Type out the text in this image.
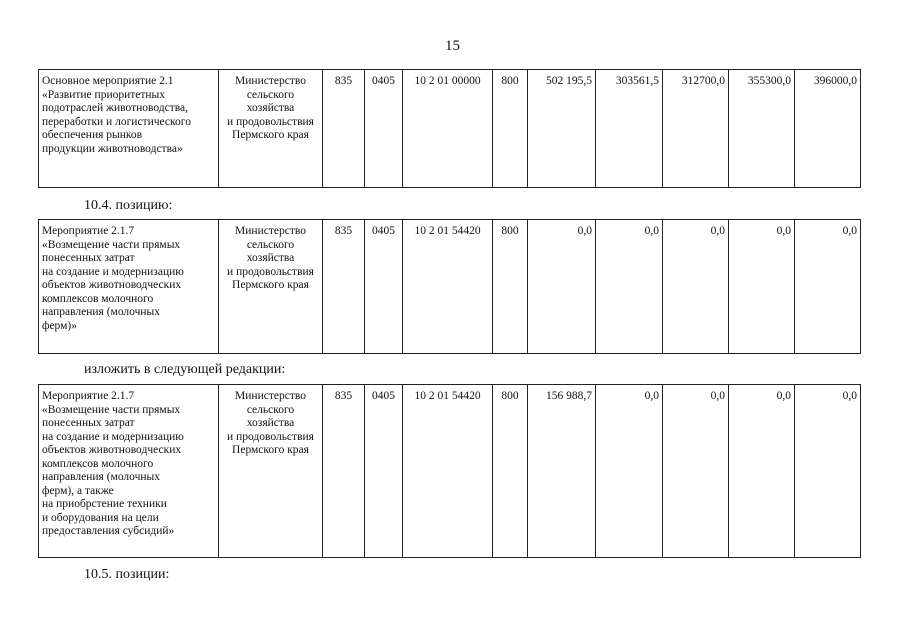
15
Основное мероприятие 2.1
«Развитие приоритетных
подотраслей животноводства,
переработки и логистического
обеспечения рынков
продукции животноводства»	Министерство
сельского
хозяйства
и продовольствия
Пермского края	835	0405	10 2 01 00000	800	502 195,5	303561,5	312700,0	355300,0	396000,0
10.4. позицию:
Мероприятие 2.1.7
«Возмещение части прямых
понесенных затрат
на создание и модернизацию
объектов животноводческих
комплексов молочного
направления (молочных
ферм)»	Министерство
сельского
хозяйства
и продовольствия
Пермского края	835	0405	10 2 01 54420	800	0,0	0,0	0,0	0,0	0,0
изложить в следующей редакции:
Мероприятие 2.1.7
«Возмещение части прямых
понесенных затрат
на создание и модернизацию
объектов животноводческих
комплексов молочного
направления (молочных
ферм), а также
на приобрстение техники
и оборудования на цели
предоставления субсидий»	Министерство
сельского
хозяйства
и продовольствия
Пермского края	835	0405	10 2 01 54420	800	156 988,7	0,0	0,0	0,0	0,0
10.5. позиции:
